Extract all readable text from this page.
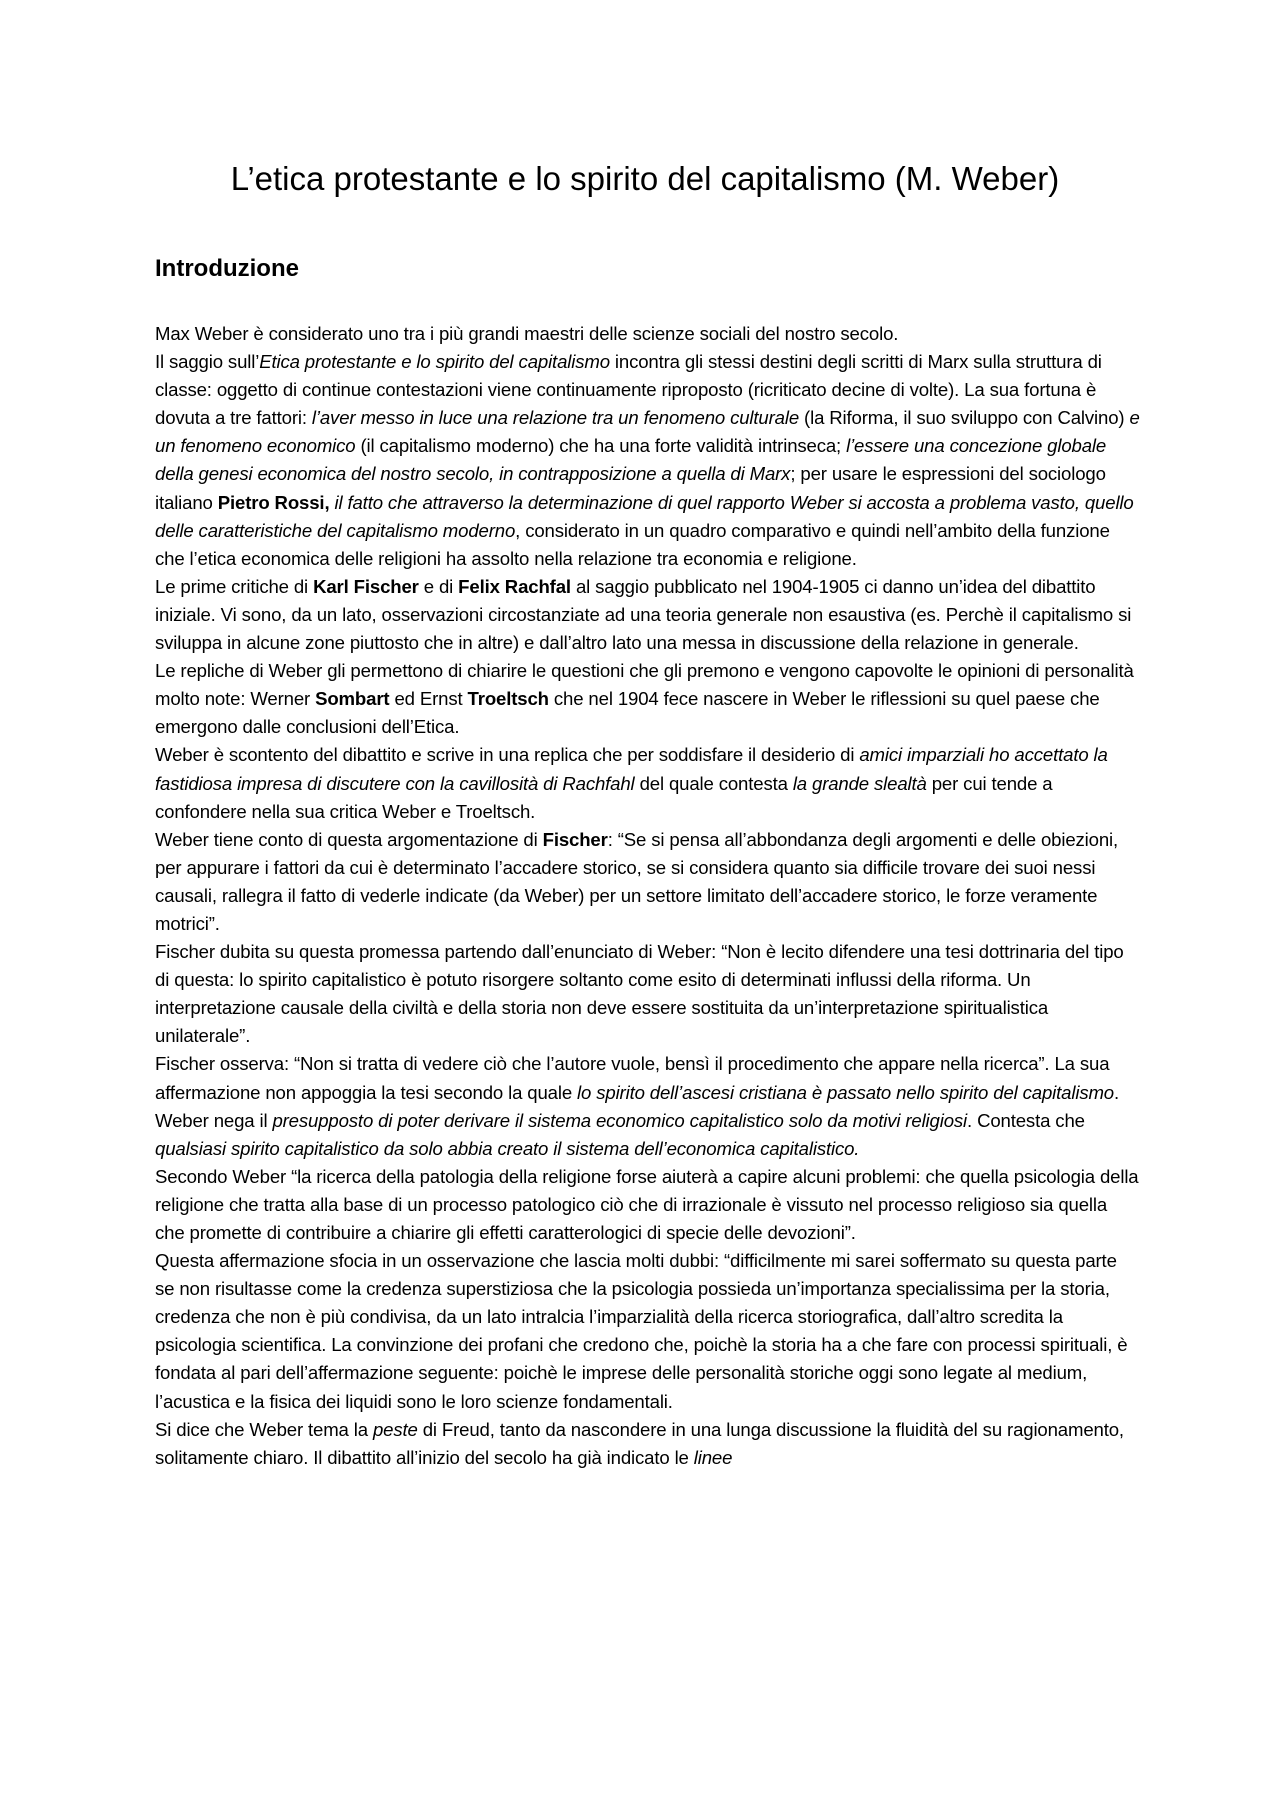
L’etica protestante e lo spirito del capitalismo (M. Weber)
Introduzione

Max Weber è considerato uno tra i più grandi maestri delle scienze sociali del nostro secolo.

Il saggio sull’Etica protestante e lo spirito del capitalismo incontra gli stessi destini degli scritti di Marx sulla struttura di classe: oggetto di continue contestazioni viene continuamente riproposto (ricriticato decine di volte). La sua fortuna è dovuta a tre fattori: l’aver messo in luce una relazione tra un fenomeno culturale (la Riforma, il suo sviluppo con Calvino) e un fenomeno economico (il capitalismo moderno) che ha una forte validità intrinseca; l’essere una concezione globale della genesi economica del nostro secolo, in contrapposizione a quella di Marx; per usare le espressioni del sociologo italiano Pietro Rossi, il fatto che attraverso la determinazione di quel rapporto Weber si accosta a problema vasto, quello delle caratteristiche del capitalismo moderno, considerato in un quadro comparativo e quindi nell’ambito della funzione che l’etica economica delle religioni ha assolto nella relazione tra economia e religione.

Le prime critiche di Karl Fischer e di Felix Rachfal al saggio pubblicato nel 1904-1905 ci danno un’idea del dibattito iniziale. Vi sono, da un lato, osservazioni circostanziate ad una teoria generale non esaustiva (es. Perchè il capitalismo si sviluppa in alcune zone piuttosto che in altre) e dall’altro lato una messa in discussione della relazione in generale.

Le repliche di Weber gli permettono di chiarire le questioni che gli premono e vengono capovolte le opinioni di personalità molto note: Werner Sombart ed Ernst Troeltsch che nel 1904 fece nascere in Weber le riflessioni su quel paese che emergono dalle conclusioni dell’Etica.

Weber è scontento del dibattito e scrive in una replica che per soddisfare il desiderio di amici imparziali ho accettato la fastidiosa impresa di discutere con la cavillosità di Rachfahl del quale contesta la grande slealtà per cui tende a confondere nella sua critica Weber e Troeltsch.

Weber tiene conto di questa argomentazione di Fischer: “Se si pensa all’abbondanza degli argomenti e delle obiezioni, per appurare i fattori da cui è determinato l’accadere storico, se si considera quanto sia difficile trovare dei suoi nessi causali, rallegra il fatto di vederle indicate (da Weber) per un settore limitato dell’accadere storico, le forze veramente motrici”.

Fischer dubita su questa promessa partendo dall’enunciato di Weber: “Non è lecito difendere una tesi dottrinaria del tipo di questa: lo spirito capitalistico è potuto risorgere soltanto come esito di determinati influssi della riforma. Un interpretazione causale della civiltà e della storia non deve essere sostituita da un’interpretazione spiritualistica unilaterale”.

Fischer osserva: “Non si tratta di vedere ciò che l’autore vuole, bensì il procedimento che appare nella ricerca”. La sua affermazione non appoggia la tesi secondo la quale lo spirito dell’ascesi cristiana è passato nello spirito del capitalismo.

Weber nega il presupposto di poter derivare il sistema economico capitalistico solo da motivi religiosi. Contesta che qualsiasi spirito capitalistico da solo abbia creato il sistema dell’economica capitalistico.

Secondo Weber “la ricerca della patologia della religione forse aiuterà a capire alcuni problemi: che quella psicologia della religione che tratta alla base di un processo patologico ciò che di irrazionale è vissuto nel processo religioso sia quella che promette di contribuire a chiarire gli effetti caratterologici di specie delle devozioni”.

Questa affermazione sfocia in un osservazione che lascia molti dubbi: “difficilmente mi sarei soffermato su questa parte se non risultasse come la credenza superstiziosa che la psicologia possieda un’importanza specialissima per la storia, credenza che non è più condivisa, da un lato intralcia l’imparzialità della ricerca storiografica, dall’altro scredita la psicologia scientifica. La convinzione dei profani che credono che, poichè la storia ha a che fare con processi spirituali, è fondata al pari dell’affermazione seguente: poichè le imprese delle personalità storiche oggi sono legate al medium, l’acustica e la fisica dei liquidi sono le loro scienze fondamentali.

Si dice che Weber tema la peste di Freud, tanto da nascondere in una lunga discussione la fluidità del su ragionamento, solitamente chiaro. Il dibattito all’inizio del secolo ha già indicato le linee
